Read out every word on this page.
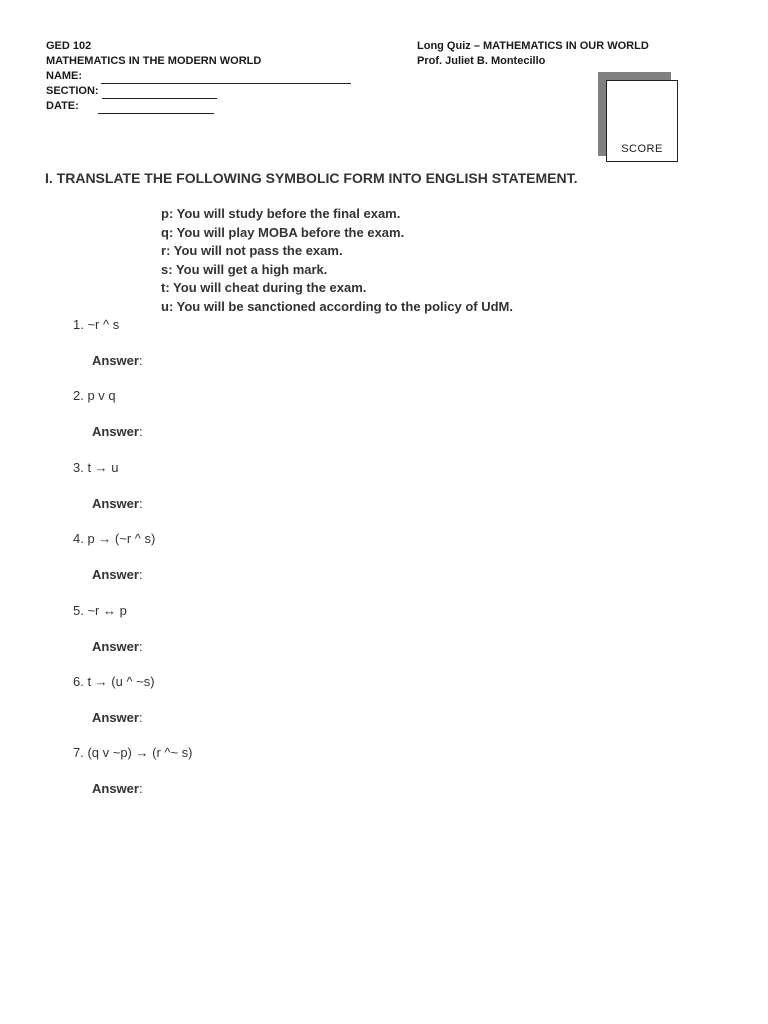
GED 102
MATHEMATICS IN THE MODERN WORLD
NAME:
SECTION:
DATE:
Long Quiz – MATHEMATICS IN OUR WORLD
Prof. Juliet B. Montecillo
SCORE
I. TRANSLATE THE FOLLOWING SYMBOLIC FORM INTO ENGLISH STATEMENT.
p: You will study before the final exam.
q: You will play MOBA before the exam.
r: You will not pass the exam.
s: You will get a high mark.
t: You will cheat during the exam.
u: You will be sanctioned according to the policy of UdM.
1. ~r ^ s
Answer:
2. p v q
Answer:
3. t → u
Answer:
4. p → (~r ^ s)
Answer:
5. ~r ↔ p
Answer:
6. t → (u ^ ~s)
Answer:
7. (q v ~p) → (r ^~ s)
Answer:
